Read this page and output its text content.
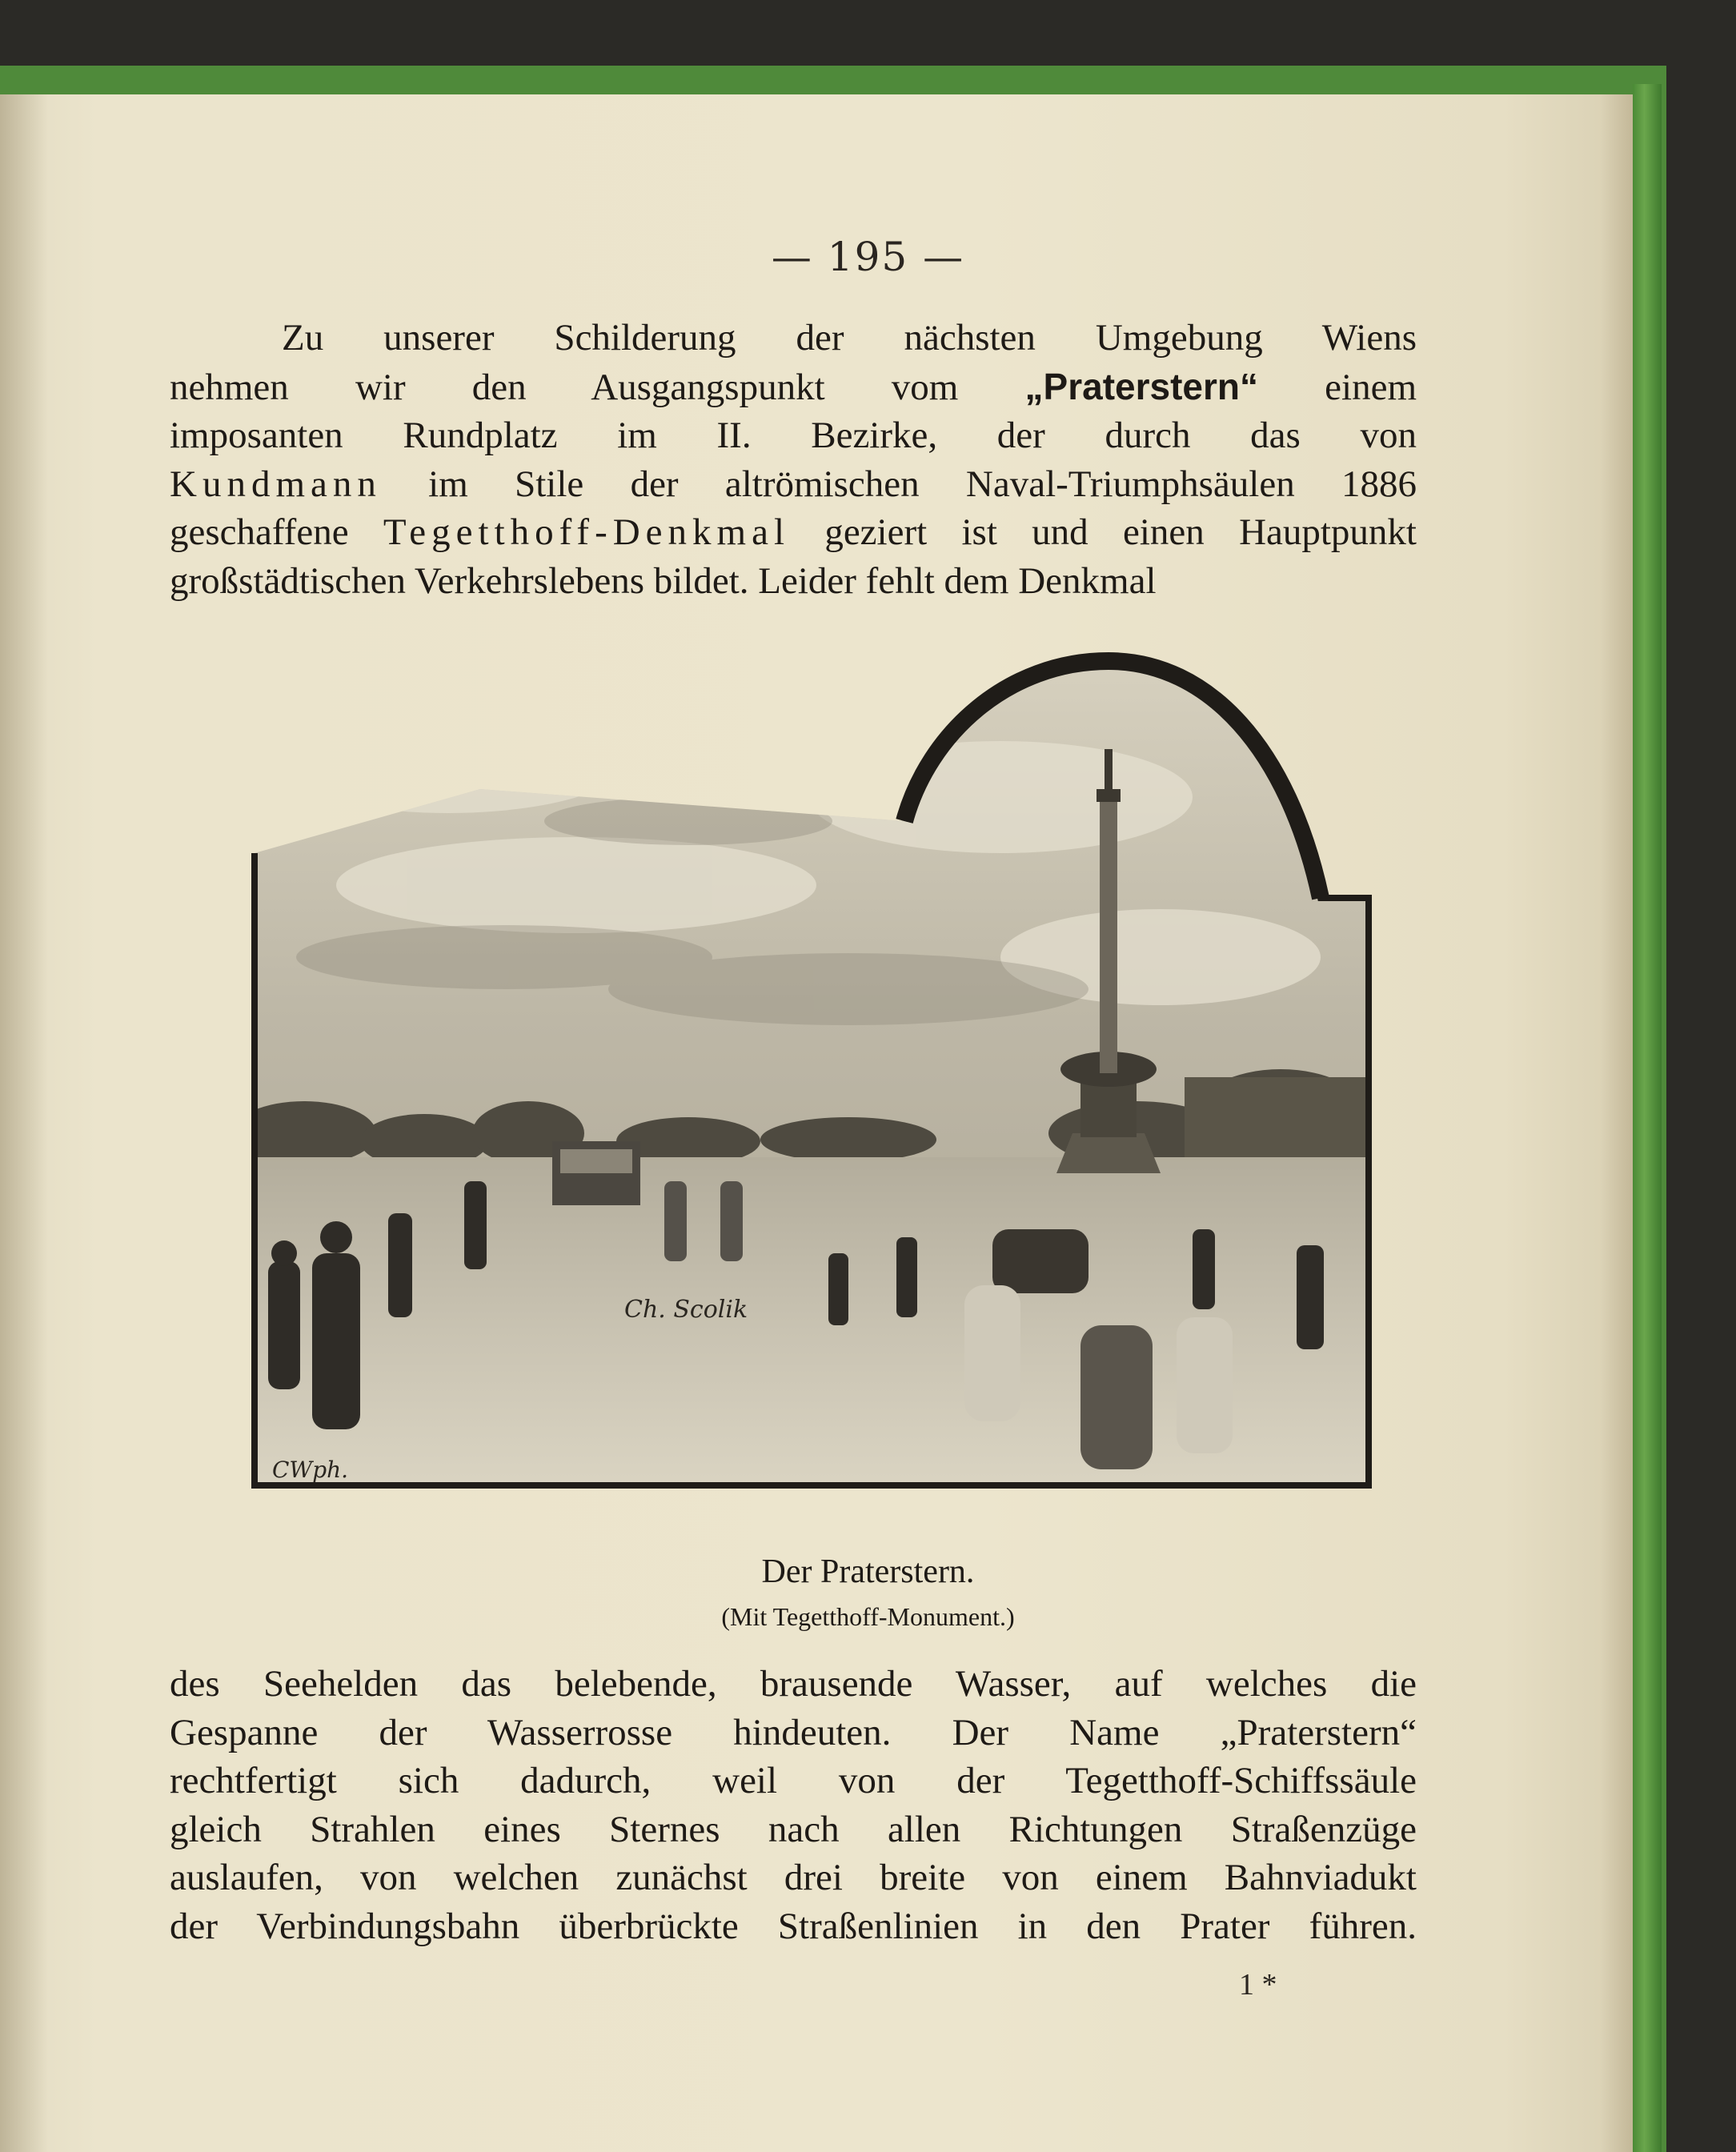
— 195 —
Zu unserer Schilderung der nächsten Umgebung Wiens
nehmen wir den Ausgangspunkt vom „Praterstern“ einem
imposanten Rundplatz im II. Bezirke, der durch das von
Kundmann im Stile der altrömischen Naval-Triumphsäulen 1886
geschaffene Tegetthoff-Denkmal geziert ist und einen Hauptpunkt
großstädtischen Verkehrslebens bildet. Leider fehlt dem Denkmal
Ch. Scolik
CWph.
Der Praterstern.
(Mit Tegetthoff-Monument.)
des Seehelden das belebende, brausende Wasser, auf welches die
Gespanne der Wasserrosse hindeuten. Der Name „Praterstern“
rechtfertigt sich dadurch, weil von der Tegetthoff-Schiffssäule
gleich Strahlen eines Sternes nach allen Richtungen Straßenzüge
auslaufen, von welchen zunächst drei breite von einem Bahnviadukt
der Verbindungsbahn überbrückte Straßenlinien in den Prater führen.
1 *
